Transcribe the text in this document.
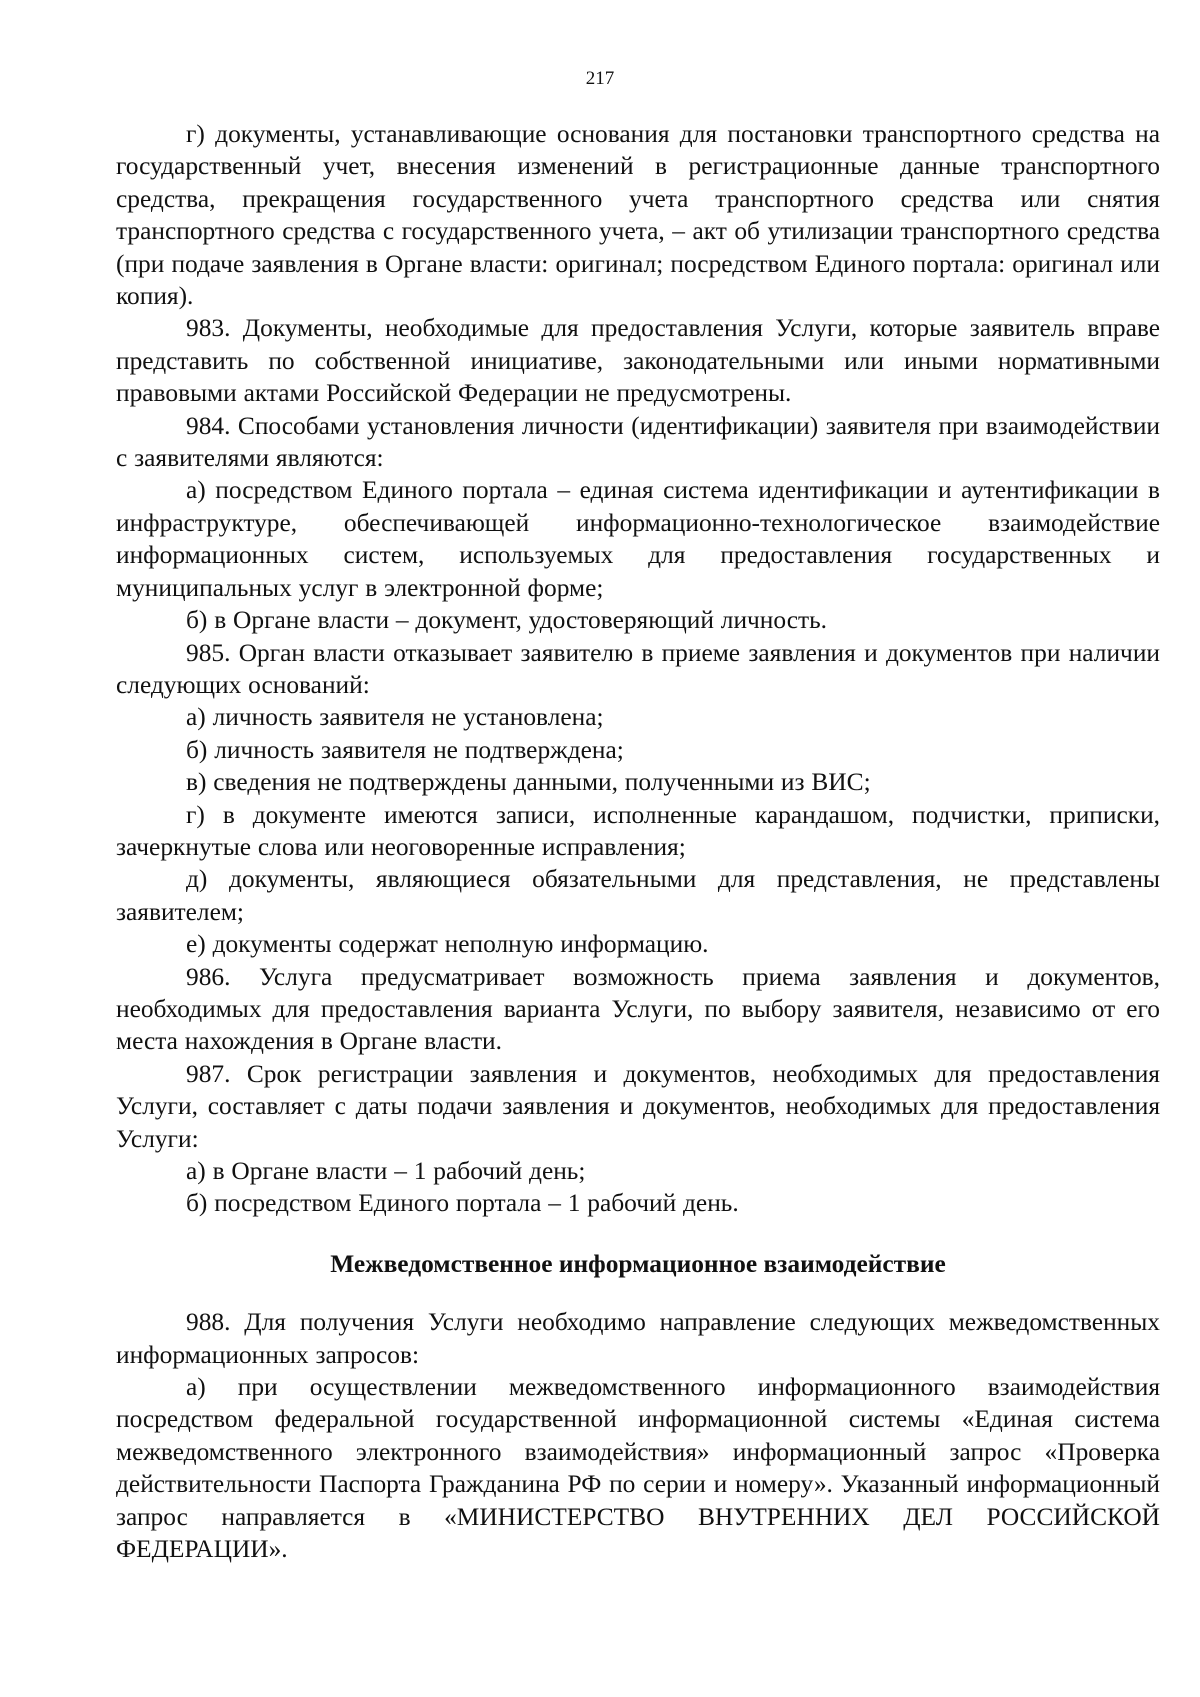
217

г) документы, устанавливающие основания для постановки транспортного средства на государственный учет, внесения изменений в регистрационные данные транспортного средства, прекращения государственного учета транспортного средства или снятия транспортного средства с государственного учета, – акт об утилизации транспортного средства (при подаче заявления в Органе власти: оригинал; посредством Единого портала: оригинал или копия).

983. Документы, необходимые для предоставления Услуги, которые заявитель вправе представить по собственной инициативе, законодательными или иными нормативными правовыми актами Российской Федерации не предусмотрены.

984. Способами установления личности (идентификации) заявителя при взаимодействии с заявителями являются:

а) посредством Единого портала – единая система идентификации и аутентификации в инфраструктуре, обеспечивающей информационно-технологическое взаимодействие информационных систем, используемых для предоставления государственных и муниципальных услуг в электронной форме;

б) в Органе власти – документ, удостоверяющий личность.

985. Орган власти отказывает заявителю в приеме заявления и документов при наличии следующих оснований:

а) личность заявителя не установлена;

б) личность заявителя не подтверждена;

в) сведения не подтверждены данными, полученными из ВИС;

г) в документе имеются записи, исполненные карандашом, подчистки, приписки, зачеркнутые слова или неоговоренные исправления;

д) документы, являющиеся обязательными для представления, не представлены заявителем;

е) документы содержат неполную информацию.

986. Услуга предусматривает возможность приема заявления и документов, необходимых для предоставления варианта Услуги, по выбору заявителя, независимо от его места нахождения в Органе власти.

987. Срок регистрации заявления и документов, необходимых для предоставления Услуги, составляет с даты подачи заявления и документов, необходимых для предоставления Услуги:

а) в Органе власти – 1 рабочий день;

б) посредством Единого портала – 1 рабочий день.

Межведомственное информационное взаимодействие

988. Для получения Услуги необходимо направление следующих межведомственных информационных запросов:

а) при осуществлении межведомственного информационного взаимодействия посредством федеральной государственной информационной системы «Единая система межведомственного электронного взаимодействия» информационный запрос «Проверка действительности Паспорта Гражданина РФ по серии и номеру». Указанный информационный запрос направляется в «МИНИСТЕРСТВО ВНУТРЕННИХ ДЕЛ РОССИЙСКОЙ ФЕДЕРАЦИИ».
